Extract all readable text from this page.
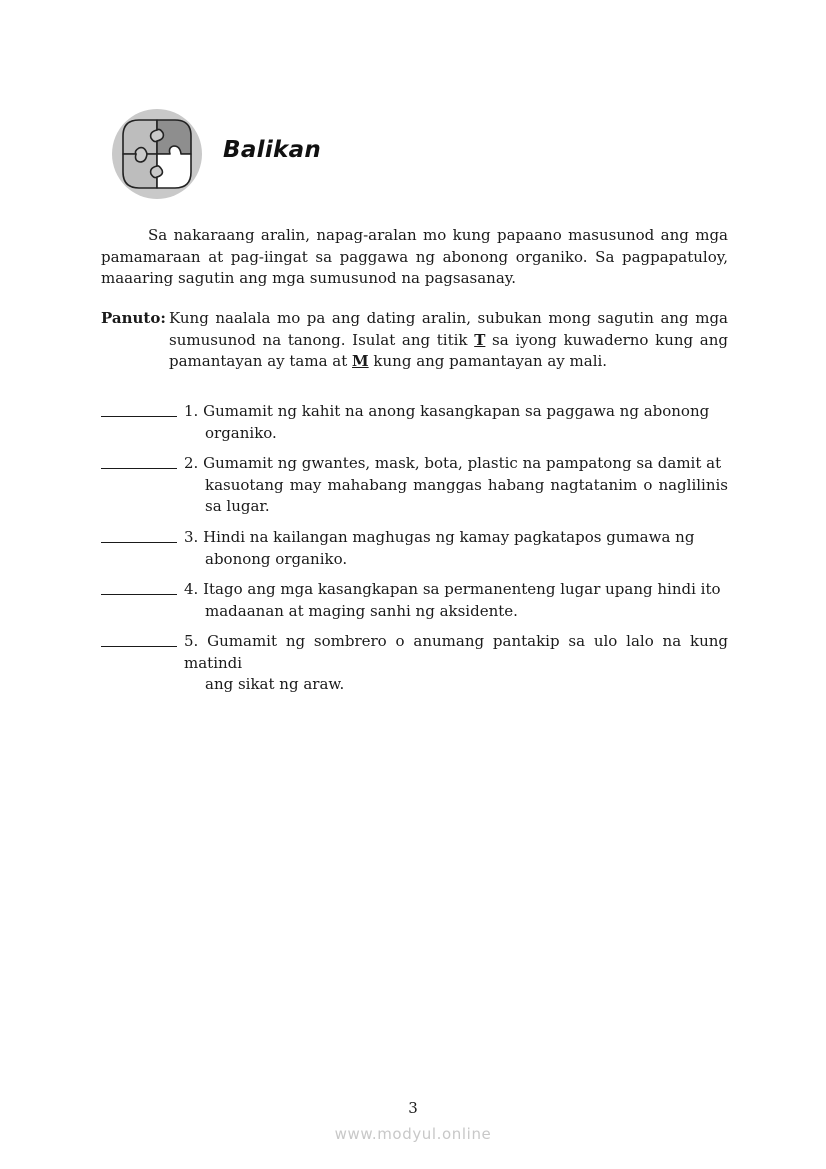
Balikan

Sa nakaraang aralin, napag-aralan mo kung papaano masusunod ang mga pamamaraan at pag-iingat sa paggawa ng abonong organiko. Sa pagpapatuloy, maaaring sagutin ang mga sumusunod na pagsasanay.

Panuto: Kung naalala mo pa ang dating aralin, subukan mong sagutin ang mga sumusunod na tanong. Isulat ang titik T sa iyong kuwaderno kung ang pamantayan ay tama at M kung ang pamantayan ay mali.
1. Gumamit ng kahit na anong kasangkapan sa paggawa ng abonong
organiko.
2. Gumamit ng gwantes, mask, bota, plastic na pampatong sa damit at
kasuotang may mahabang manggas habang nagtatanim o naglilinis sa lugar.
3. Hindi na kailangan maghugas ng kamay pagkatapos gumawa ng
abonong organiko.
4. Itago ang mga kasangkapan sa permanenteng lugar upang hindi ito
madaanan at maging sanhi ng aksidente.
5. Gumamit ng sombrero o anumang pantakip sa ulo lalo na kung matindi
ang sikat ng araw.
3
www.modyul.online
